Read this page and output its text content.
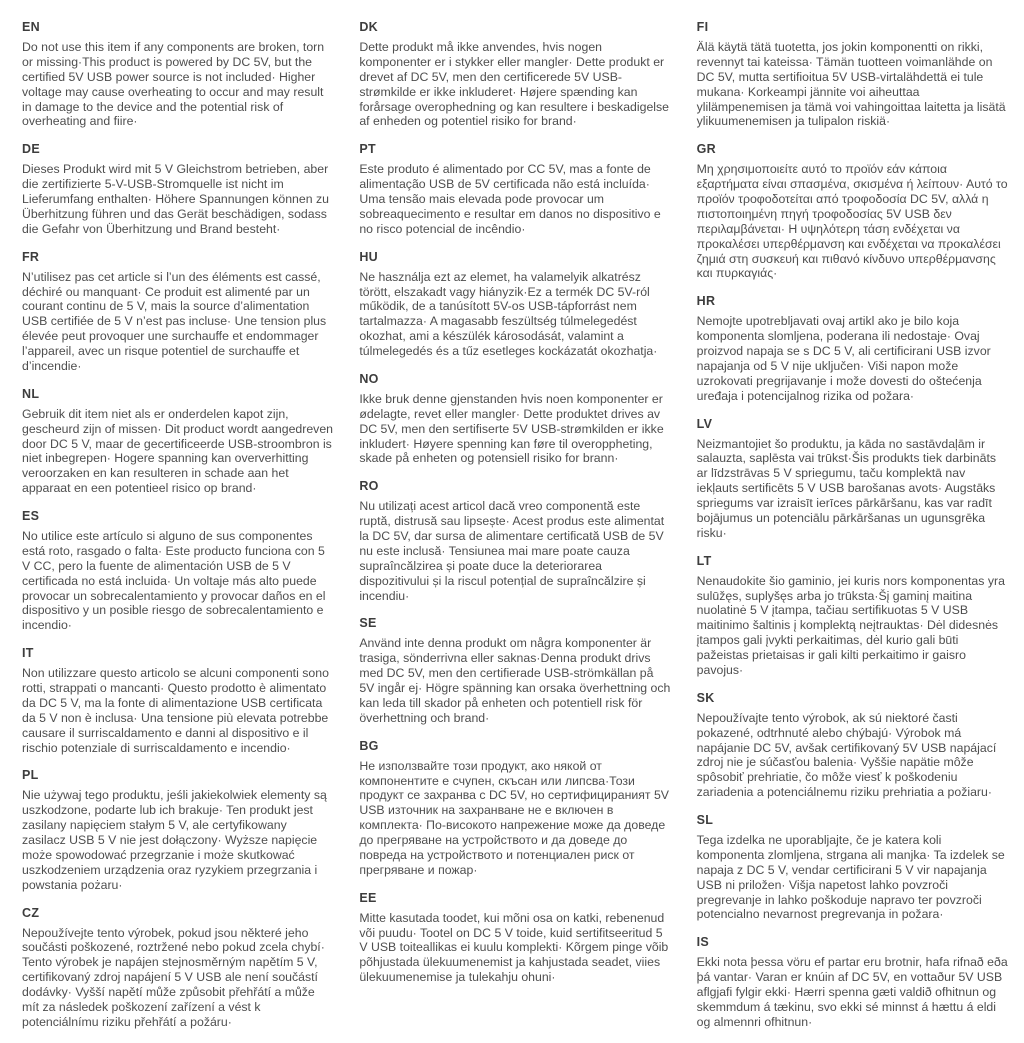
EN

Do not use this item if any components are broken, torn or missing·This product is powered by DC 5V, but the certified 5V USB power source is not included· Higher voltage may cause overheating to occur and may result in damage to the device and the potential risk of overheating and fiire·

DE

Dieses Produkt wird mit 5 V Gleichstrom betrieben, aber die zertifizierte 5-V-USB-Stromquelle ist nicht im Lieferumfang enthalten· Höhere Spannungen können zu Überhitzung führen und das Gerät beschädigen, sodass die Gefahr von Überhitzung und Brand besteht·

FR

N’utilisez pas cet article si l’un des éléments est cassé, déchiré ou manquant· Ce produit est alimenté par un courant continu de 5 V, mais la source d’alimentation USB certifiée de 5 V n’est pas incluse· Une tension plus élevée peut provoquer une surchauffe et endommager l’appareil, avec un risque potentiel de surchauffe et d’incendie·

NL

Gebruik dit item niet als er onderdelen kapot zijn, gescheurd zijn of missen· Dit product wordt aangedreven door DC 5 V, maar de gecertificeerde USB-stroombron is niet inbegrepen· Hogere spanning kan oververhitting veroorzaken en kan resulteren in schade aan het apparaat en een potentieel risico op brand·

ES

No utilice este artículo si alguno de sus componentes está roto, rasgado o falta· Este producto funciona con 5 V CC, pero la fuente de alimentación USB de 5 V certificada no está incluida· Un voltaje más alto puede provocar un sobrecalentamiento y provocar daños en el dispositivo y un posible riesgo de sobrecalentamiento e incendio·

IT

Non utilizzare questo articolo se alcuni componenti sono rotti, strappati o mancanti· Questo prodotto è alimentato da DC 5 V, ma la fonte di alimentazione USB certificata da 5 V non è inclusa· Una tensione più elevata potrebbe causare il surriscaldamento e danni al dispositivo e il rischio potenziale di surriscaldamento e incendio·

PL

Nie używaj tego produktu, jeśli jakiekolwiek elementy są uszkodzone, podarte lub ich brakuje· Ten produkt jest zasilany napięciem stałym 5 V, ale certyfikowany zasilacz USB 5 V nie jest dołączony· Wyższe napięcie może spowodować przegrzanie i może skutkować uszkodzeniem urządzenia oraz ryzykiem przegrzania i powstania pożaru·

CZ

Nepoužívejte tento výrobek, pokud jsou některé jeho součásti poškozené, roztržené nebo pokud zcela chybí· Tento výrobek je napájen stejnosměrným napětím 5 V, certifikovaný zdroj napájení 5 V USB ale není součástí dodávky· Vyšší napětí může způsobit přehřátí a může mít za následek poškození zařízení a vést k potenciálnímu riziku přehřátí a požáru·

DK

Dette produkt må ikke anvendes, hvis nogen komponenter er i stykker eller mangler· Dette produkt er drevet af DC 5V, men den certificerede 5V USB-strømkilde er ikke inkluderet· Højere spænding kan forårsage overophedning og kan resultere i beskadigelse af enheden og potentiel risiko for brand·

PT

Este produto é alimentado por CC 5V, mas a fonte de alimentação USB de 5V certificada não está incluída· Uma tensão mais elevada pode provocar um sobreaquecimento e resultar em danos no dispositivo e no risco potencial de incêndio·

HU

Ne használja ezt az elemet, ha valamelyik alkatrész törött, elszakadt vagy hiányzik·Ez a termék DC 5V-ról működik, de a tanúsított 5V-os USB-tápforrást nem tartalmazza· A magasabb feszültség túlmelegedést okozhat, ami a készülék károsodását, valamint a túlmelegedés és a tűz esetleges kockázatát okozhatja·

NO

Ikke bruk denne gjenstanden hvis noen komponenter er ødelagte, revet eller mangler· Dette produktet drives av DC 5V, men den sertifiserte 5V USB-strømkilden er ikke inkludert· Høyere spenning kan føre til overoppheting, skade på enheten og potensiell risiko for brann·

RO

Nu utilizați acest articol dacă vreo componentă este ruptă, distrusă sau lipsește· Acest produs este alimentat la DC 5V, dar sursa de alimentare certificată USB de 5V nu este inclusă· Tensiunea mai mare poate cauza supraîncălzirea și poate duce la deteriorarea dispozitivului și la riscul potențial de supraîncălzire și incendiu·

SE

Använd inte denna produkt om några komponenter är trasiga, sönderrivna eller saknas·Denna produkt drivs med DC 5V, men den certifierade USB-strömkällan på 5V ingår ej· Högre spänning kan orsaka överhettning och kan leda till skador på enheten och potentiell risk för överhettning och brand·

BG

Не използвайте този продукт, ако някой от компонентите е счупен, скъсан или липсва·Този продукт се захранва с DC 5V, но сертифицираният 5V USB източник на захранване не е включен в комплекта· По-високото напрежение може да доведе до прегряване на устройството и да доведе до повреда на устройството и потенциален риск от прегряване и пожар·

EE

Mitte kasutada toodet, kui mõni osa on katki, rebenenud või puudu· Tootel on DC 5 V toide, kuid sertifitseeritud 5 V USB toiteallikas ei kuulu komplekti· Kõrgem pinge võib põhjustada ülekuumenemist ja kahjustada seadet, viies ülekuumenemise ja tulekahju ohuni·

FI

Älä käytä tätä tuotetta, jos jokin komponentti on rikki, revennyt tai kateissa· Tämän tuotteen voimanlähde on DC 5V, mutta sertifioitua 5V USB-virtalähdettä ei tule mukana· Korkeampi jännite voi aiheuttaa ylilämpenemisen ja tämä voi vahingoittaa laitetta ja lisätä ylikuumenemisen ja tulipalon riskiä·

GR

Μη χρησιμοποιείτε αυτό το προϊόν εάν κάποια εξαρτήματα είναι σπασμένα, σκισμένα ή λείπουν· Αυτό το προϊόν τροφοδοτείται από τροφοδοσία DC 5V, αλλά η πιστοποιημένη πηγή τροφοδοσίας 5V USB δεν περιλαμβάνεται· Η υψηλότερη τάση ενδέχεται να προκαλέσει υπερθέρμανση και ενδέχεται να προκαλέσει ζημιά στη συσκευή και πιθανό κίνδυνο υπερθέρμανσης και πυρκαγιάς·

HR

Nemojte upotrebljavati ovaj artikl ako je bilo koja komponenta slomljena, poderana ili nedostaje· Ovaj proizvod napaja se s DC 5 V, ali certificirani USB izvor napajanja od 5 V nije uključen· Viši napon može uzrokovati pregrijavanje i može dovesti do oštećenja uređaja i potencijalnog rizika od požara·

LV

Neizmantojiet šo produktu, ja kāda no sastāvdaļām ir salauzta, saplēsta vai trūkst·Šis produkts tiek darbināts ar līdzstrāvas 5 V spriegumu, taču komplektā nav iekļauts sertificēts 5 V USB barošanas avots· Augstāks spriegums var izraisīt ierīces pārkāršanu, kas var radīt bojājumus un potenciālu pārkāršanas un ugunsgrēka risku·

LT

Nenaudokite šio gaminio, jei kuris nors komponentas yra sulūžęs, suplyšęs arba jo trūksta·Šį gaminį maitina nuolatinė 5 V įtampa, tačiau sertifikuotas 5 V USB maitinimo šaltinis į komplektą neįtrauktas· Dėl didesnės įtampos gali įvykti perkaitimas, dėl kurio gali būti pažeistas prietaisas ir gali kilti perkaitimo ir gaisro pavojus·

SK

Nepoužívajte tento výrobok, ak sú niektoré časti pokazené, odtrhnuté alebo chýbajú· Výrobok má napájanie DC 5V, avšak certifikovaný 5V USB napájací zdroj nie je súčasťou balenia· Vyššie napätie môže spôsobiť prehriatie, čo môže viesť k poškodeniu zariadenia a potenciálnemu riziku prehriatia a požiaru·

SL

Tega izdelka ne uporabljajte, če je katera koli komponenta zlomljena, strgana ali manjka· Ta izdelek se napaja z DC 5 V, vendar certificirani 5 V vir napajanja USB ni priložen· Višja napetost lahko povzroči pregrevanje in lahko poškoduje napravo ter povzroči potencialno nevarnost pregrevanja in požara·

IS

Ekki nota þessa vöru ef partar eru brotnir, hafa rifnað eða þá vantar· Varan er knúin af DC 5V, en vottaður 5V USB aflgjafi fylgir ekki· Hærri spenna gæti valdið ofhitnun og skemmdum á tækinu, svo ekki sé minnst á hættu á eldi og almennri ofhitnun·
